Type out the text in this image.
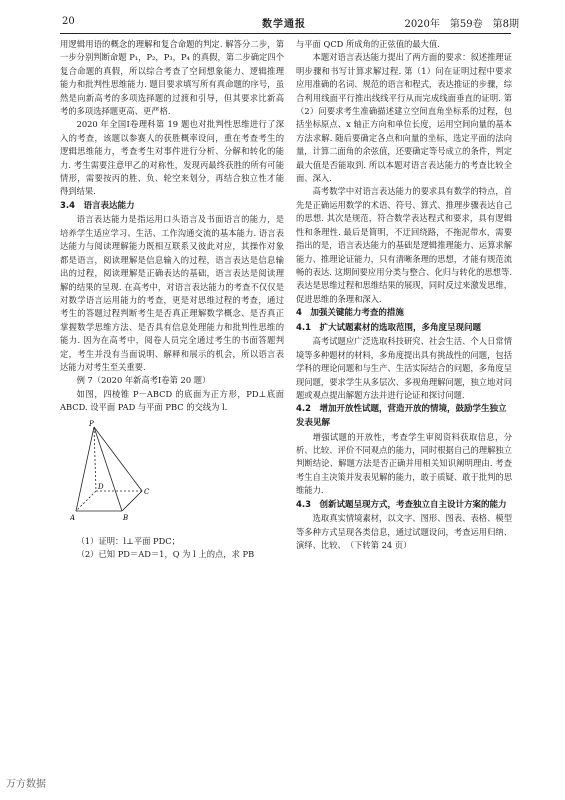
20	数学通报	2020年　第59卷　第8期

用逻辑用语的概念的理解和复合命题的判定. 解答分二步，第一步分别判断命题 P₁，P₂，P₃，P₄ 的真假，第二步确定四个复合命题的真假，所以综合考查了空间想象能力、逻辑推理能力和批判性思维能力. 题目要求填写所有真命题的序号，虽然是向新高考的多项选择题的过渡和引导，但其要求比新高考的多项选择题更高、更严格.

2020 年全国Ⅰ卷理科第 19 题也对批判性思维进行了深入的考查，该题以参赛人的获胜概率设问，重在考查考生的逻辑思维能力，考查考生对事件进行分析、分解和转化的能力. 考生需要注意甲乙的对称性，发现丙最终获胜的所有可能情形，需要按丙的胜、负、轮空来划分，再结合独立性才能得到结果.

3.4　语言表达能力

语言表达能力是指运用口头语言及书面语言的能力，是培养学生适应学习、生活、工作沟通交流的基本能力. 语言表达能力与阅读理解能力既相互联系又彼此对应，其操作对象都是语言，阅读理解是信息输入的过程，语言表达是信息输出的过程，阅读理解是正确表达的基础，语言表达是阅读理解的结果的呈现. 在高考中，对语言表达能力的考查不仅仅是对数学语言运用能力的考查，更是对思维过程的考查，通过考生的答题过程判断考生是否真正理解数学概念、是否真正掌握数学思维方法、是否具有信息处理能力和批判性思维的能力. 因为在高考中，阅卷人员完全通过考生的书面答题判定，考生并没有当面说明、解释和展示的机会，所以语言表达能力对考生至关重要.

例 7（2020 年新高考Ⅰ卷第 20 题）

如图，四棱锥 P－ABCD 的底面为正方形，PD⊥底面 ABCD. 设平面 PAD 与平面 PBC 的交线为 l.

P
D
C
A	B

（1）证明：l⊥平面 PDC；

（2）已知 PD＝AD＝1，Q 为 l 上的点，求 PB

与平面 QCD 所成角的正弦值的最大值.

本题对语言表达能力提出了两方面的要求：叙述推理证明步骤和书写计算求解过程. 第（1）问在证明过程中要求应用准确的名词、规范的语言和程式，表达推证的步骤，综合利用线面平行推出线线平行从而完成线面垂直的证明. 第（2）问要求考生准确描述建立空间直角坐标系的过程，包括坐标原点、x 轴正方向和单位长度，运用空间向量的基本方法求解. 随后要确定各点和向量的坐标，选定平面的法向量，计算二面角的余弦值，还要确定等号成立的条件，判定最大值是否能取到. 所以本题对语言表达能力的考查比较全面、深入.

高考数学中对语言表达能力的要求具有数学的特点，首先是正确运用数学的术语、符号、算式、推理步骤表达自己的思想. 其次是规范，符合数学表达程式和要求，具有逻辑性和条理性. 最后是简明，不迂回绕路，不拖泥带水，需要指出的是，语言表达能力的基础是逻辑推理能力、运算求解能力、推理论证能力，只有清晰条理的思想，才能有规范流畅的表达. 这期间要应用分类与整合、化归与转化的思想等. 表达是思维过程和思维结果的展现，同时反过来激发思维，促进思维的条理和深入.

4　加强关键能力考查的措施
4.1　扩大试题素材的选取范围，多角度呈现问题

高考试题应广泛选取科技研究、社会生活、个人日常情境等多种题材的材料，多角度提出具有挑战性的问题，包括学科的理论问题和与生产、生活实际结合的问题，多角度呈现问题，要求学生从多层次、多视角理解问题，独立地对问题或观点提出解题方法并进行论证和探讨问题.

4.2　增加开放性试题，营造开放的情境，鼓励学生独立发表见解

增强试题的开放性，考查学生审阅资料获取信息，分析、比较、评价不同观点的能力，同时根据自己的理解独立判断结论、解题方法是否正确并用相关知识阐明理由. 考查考生自主决策并发表见解的能力，敢于质疑、敢于批判的思维能力.

4.3　创新试题呈现方式，考查独立自主设计方案的能力

选取真实情境素材，以文字、图形、图表、表格、模型等多种方式呈现各类信息，通过试题设问，考查运用归纳、演绎、比较、　（下转第 24 页）

万方数据
